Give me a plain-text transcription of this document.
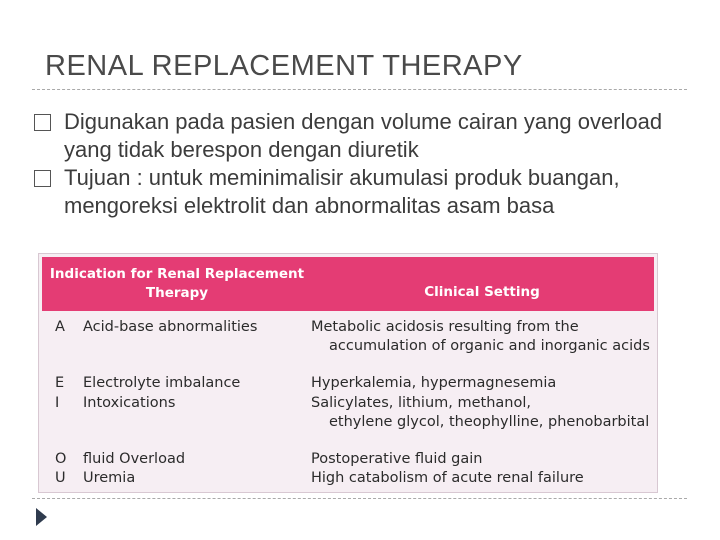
RENAL REPLACEMENT THERAPY

Digunakan pada pasien dengan volume cairan yang overload yang tidak berespon dengan diuretik

Tujuan : untuk meminimalisir akumulasi produk buangan, mengoreksi elektrolit dan abnormalitas asam basa

Indication for Renal Replacement Therapy	Clinical Setting
A Acid-base abnormalities	Metabolic acidosis resulting from the
accumulation of organic and inorganic acids
E Electrolyte imbalance	Hyperkalemia, hypermagnesemia
I Intoxications	Salicylates, lithium, methanol,
ethylene glycol, theophylline, phenobarbital
O fluid Overload	Postoperative fluid gain
U Uremia	High catabolism of acute renal failure
